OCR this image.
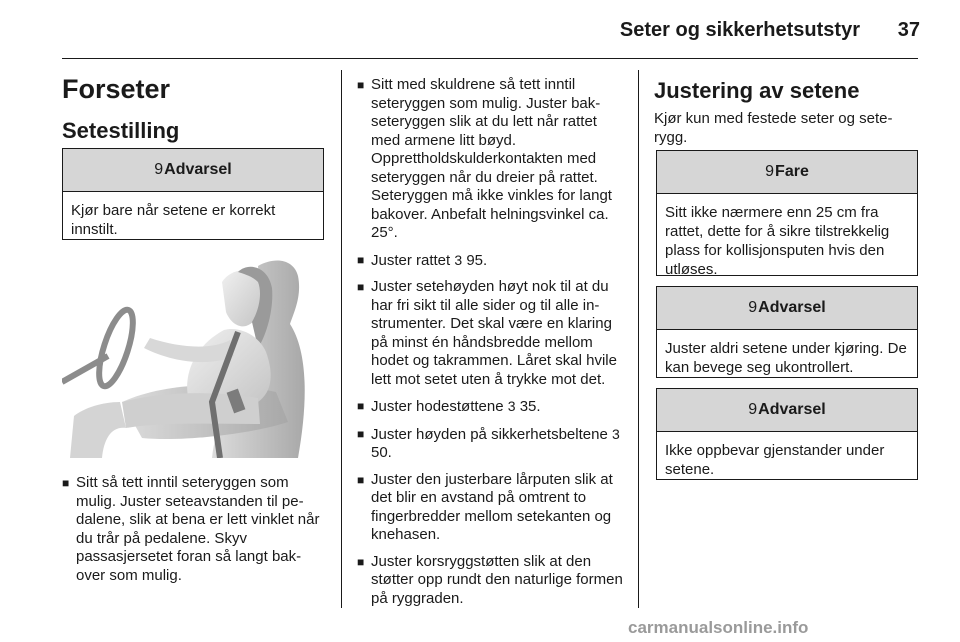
Seter og sikkerhetsutstyr 37
Forseter
Setestilling
9 Advarsel
Kjør bare når setene er korrekt innstilt.
■ Sitt så tett inntil seteryggen som mulig. Juster seteavstanden til pedalene, slik at bena er lett vinklet når du trår på pedalene. Skyv passasjersetet foran så langt bakover som mulig.
■ Sitt med skuldrene så tett inntil seteryggen som mulig. Juster bakseteryggen slik at du lett når rattet med armene litt bøyd. Opprettholdskulderkontakten med seteryggen når du dreier på rattet. Seteryggen må ikke vinkles for langt bakover. Anbefalt helningsvinkel ca. 25°.
■ Juster rattet 3 95.
■ Juster setehøyden høyt nok til at du har fri sikt til alle sider og til alle instrumenter. Det skal være en klaring på minst én håndsbredde mellom hodet og takrammen. Låret skal hvile lett mot setet uten å trykke mot det.
■ Juster hodestøttene 3 35.
■ Juster høyden på sikkerhetsbeltene 3 50.
■ Juster den justerbare lårputen slik at det blir en avstand på omtrent to fingerbredder mellom setekanten og knehasen.
■ Juster korsryggstøtten slik at den støtter opp rundt den naturlige formen på ryggraden.
Justering av setene

Kjør kun med festede seter og seterygg.

9 Fare
Sitt ikke nærmere enn 25 cm fra rattet, dette for å sikre tilstrekkelig plass for kollisjonsputen hvis den utløses.
9 Advarsel
Juster aldri setene under kjøring. De kan bevege seg ukontrollert.
9 Advarsel
Ikke oppbevar gjenstander under setene.
carmanualsonline.info
